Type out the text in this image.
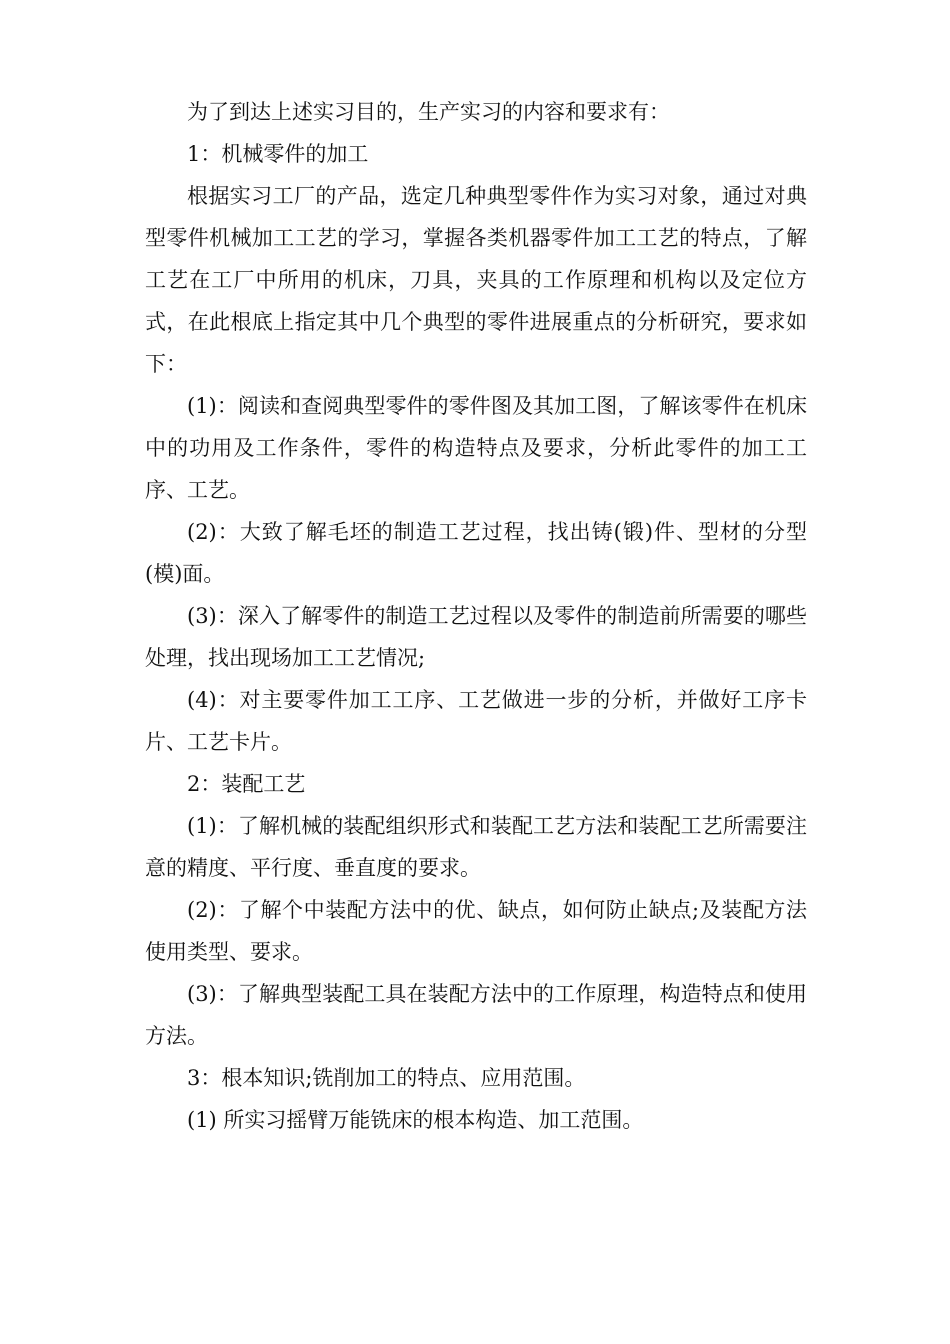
为了到达上述实习目的，生产实习的内容和要求有：

1：机械零件的加工

根据实习工厂的产品，选定几种典型零件作为实习对象，通过对典型零件机械加工工艺的学习，掌握各类机器零件加工工艺的特点，了解工艺在工厂中所用的机床，刀具，夹具的工作原理和机构以及定位方式，在此根底上指定其中几个典型的零件进展重点的分析研究，要求如下：

(1)：阅读和查阅典型零件的零件图及其加工图，了解该零件在机床中的功用及工作条件，零件的构造特点及要求，分析此零件的加工工序、工艺。

(2)：大致了解毛坯的制造工艺过程，找出铸(锻)件、型材的分型(模)面。

(3)：深入了解零件的制造工艺过程以及零件的制造前所需要的哪些处理，找出现场加工工艺情况;

(4)：对主要零件加工工序、工艺做进一步的分析，并做好工序卡片、工艺卡片。

2：装配工艺

(1)：了解机械的装配组织形式和装配工艺方法和装配工艺所需要注意的精度、平行度、垂直度的要求。

(2)：了解个中装配方法中的优、缺点，如何防止缺点;及装配方法使用类型、要求。

(3)：了解典型装配工具在装配方法中的工作原理，构造特点和使用方法。

3：根本知识;铣削加工的特点、应用范围。

(1) 所实习摇臂万能铣床的根本构造、加工范围。
